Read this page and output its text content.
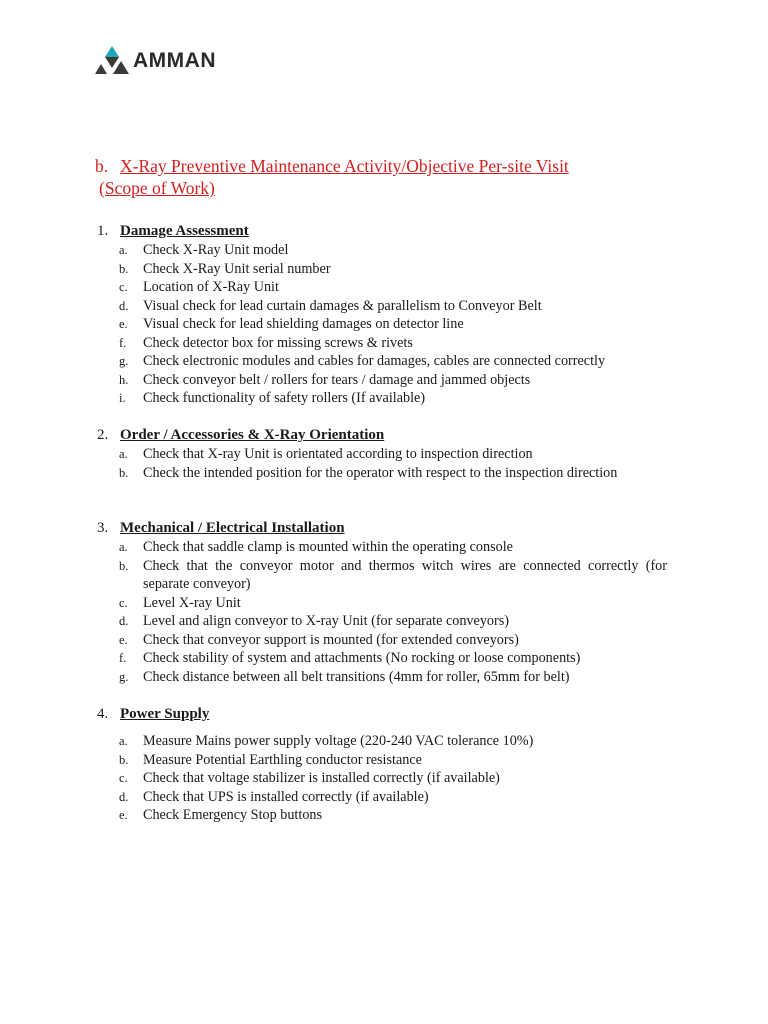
AMMAN
b. X-Ray Preventive Maintenance Activity/Objective Per-site Visit
(Scope of Work)
1. Damage Assessment
a.	Check X-Ray Unit model
b.	Check X-Ray Unit serial number
c.	Location of X-Ray Unit
d.	Visual check for lead curtain damages & parallelism to Conveyor Belt
e.	Visual check for lead shielding damages on detector line
f.	Check detector box for missing screws & rivets
g.	Check electronic modules and cables for damages, cables are connected correctly
h.	Check conveyor belt / rollers for tears / damage and jammed objects
i.	Check functionality of safety rollers (If available)
2. Order / Accessories & X-Ray Orientation
a.	Check that X-ray Unit is orientated according to inspection direction
b.	Check the intended position for the operator with respect to the inspection direction
3. Mechanical / Electrical Installation
a.	Check that saddle clamp is mounted within the operating console
b.	Check that the conveyor motor and thermos witch wires are connected correctly (for separate conveyor)
c.	Level X-ray Unit
d.	Level and align conveyor to X-ray Unit (for separate conveyors)
e.	Check that conveyor support is mounted (for extended conveyors)
f.	Check stability of system and attachments (No rocking or loose components)
g.	Check distance between all belt transitions (4mm for roller, 65mm for belt)
4. Power Supply
a.	Measure Mains power supply voltage (220-240 VAC tolerance 10%)
b.	Measure Potential Earthling conductor resistance
c.	Check that voltage stabilizer is installed correctly (if available)
d.	Check that UPS is installed correctly (if available)
e.	Check Emergency Stop buttons
